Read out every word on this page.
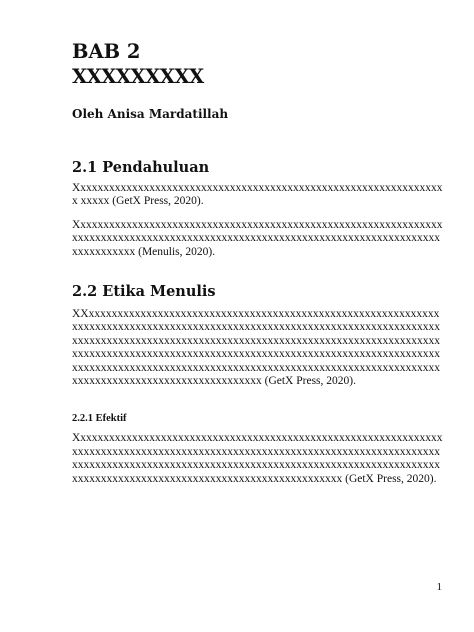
BAB 2
XXXXXXXXX

Oleh Anisa Mardatillah

2.1 Pendahuluan

Xxxxxxxxxxxxxxxxxxxxxxxxxxxxxxxxxxxxxxxxxxxxxxxxxxxxxxxxxxxxxxxxx xxxxx (GetX Press, 2020).

Xxxxxxxxxxxxxxxxxxxxxxxxxxxxxxxxxxxxxxxxxxxxxxxxxxxxxxxxxxxxxxxxxxxxxxxxxxxxxxxxxxxxxxxxxxxxxxxxxxxxxxxxxxxxxxxxxxxxxxxxxxxxxxxxxxxxxxxxxxx (Menulis, 2020).

2.2 Etika Menulis

XXxxxxxxxxxxxxxxxxxxxxxxxxxxxxxxxxxxxxxxxxxxxxxxxxxxxxxxxxxxxxxxxxxxxxxxxxxxxxxxxxxxxxxxxxxxxxxxxxxxxxxxxxxxxxxxxxxxxxxxxxxxxxxxxxxxxxxxxxxxxxxxxxxxxxxxxxxxxxxxxxxxxxxxxxxxxxxxxxxxxxxxxxxxxxxxxxxxxxxxxxxxxxxxxxxxxxxxxxxxxxxxxxxxxxxxxxxxxxxxxxxxxxxxxxxxxxxxxxxxxxxxxxxxxxxxxxxxxxxxxxxxxxxxxxxxxxxxxxxxxxxxxxxxxxxxxxxxxxxxxxxxxxxxxxxxxxxxxxxxxxxxxxxxxxxx (GetX Press, 2020).

2.2.1 Efektif

Xxxxxxxxxxxxxxxxxxxxxxxxxxxxxxxxxxxxxxxxxxxxxxxxxxxxxxxxxxxxxxxxxxxxxxxxxxxxxxxxxxxxxxxxxxxxxxxxxxxxxxxxxxxxxxxxxxxxxxxxxxxxxxxxxxxxxxxxxxxxxxxxxxxxxxxxxxxxxxxxxxxxxxxxxxxxxxxxxxxxxxxxxxxxxxxxxxxxxxxxxxxxxxxxxxxxxxxxxxxxxxxxxxxxxxxxxxxxxxx (GetX Press, 2020).

1
